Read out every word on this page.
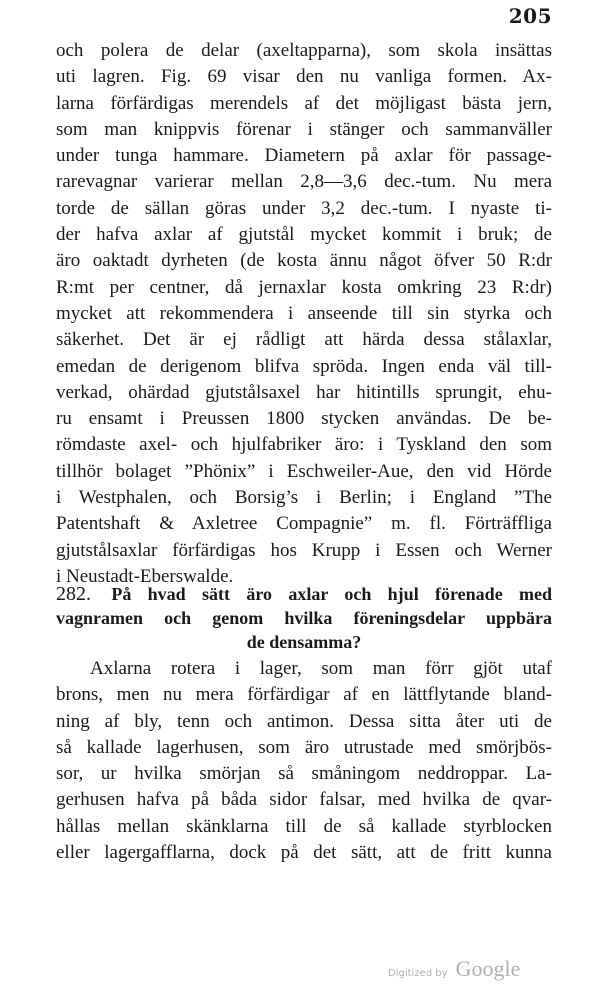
205
och polera de delar (axeltapparna), som skola insättas
uti lagren. Fig. 69 visar den nu vanliga formen. Ax-
larna förfärdigas merendels af det möjligast bästa jern,
som man knippvis förenar i stänger och sammanväller
under tunga hammare. Diametern på axlar för passage-
rarevagnar varierar mellan 2,8—3,6 dec.-tum. Nu mera
torde de sällan göras under 3,2 dec.-tum. I nyaste ti-
der hafva axlar af gjutstål mycket kommit i bruk; de
äro oaktadt dyrheten (de kosta ännu något öfver 50 R:dr
R:mt per centner, då jernaxlar kosta omkring 23 R:dr)
mycket att rekommendera i anseende till sin styrka och
säkerhet. Det är ej rådligt att härda dessa stålaxlar,
emedan de derigenom blifva spröda. Ingen enda väl till-
verkad, ohärdad gjutstålsaxel har hitintills sprungit, ehu-
ru ensamt i Preussen 1800 stycken användas. De be-
römdaste axel- och hjulfabriker äro: i Tyskland den som
tillhör bolaget ”Phönix” i Eschweiler-Aue, den vid Hörde
i Westphalen, och Borsig’s i Berlin; i England ”The
Patentshaft & Axletree Compagnie” m. fl. Förträffliga
gjutstålsaxlar förfärdigas hos Krupp i Essen och Werner
i Neustadt-Eberswalde.
282. På hvad sätt äro axlar och hjul förenade med
vagnramen och genom hvilka föreningsdelar uppbära
de densamma?
Axlarna rotera i lager, som man förr gjöt utaf
brons, men nu mera förfärdigar af en lättflytande bland-
ning af bly, tenn och antimon. Dessa sitta åter uti de
så kallade lagerhusen, som äro utrustade med smörjbös-
sor, ur hvilka smörjan så småningom neddroppar. La-
gerhusen hafva på båda sidor falsar, med hvilka de qvar-
hållas mellan skänklarna till de så kallade styrblocken
eller lagergafflarna, dock på det sätt, att de fritt kunna
Digitized by Google
